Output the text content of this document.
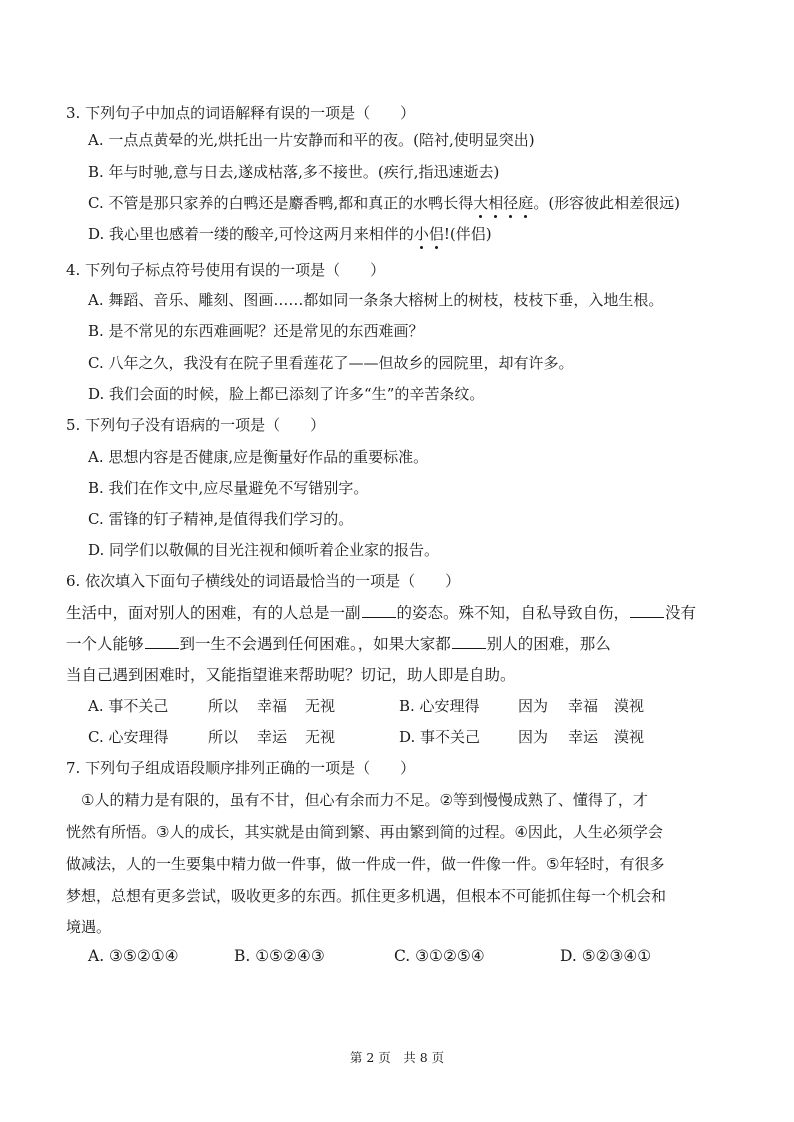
3. 下列句子中加点的词语解释有误的一项是（　　）
A. 一点点黄晕的光,烘托出一片安静而和平的夜。(陪衬,使明显突出)
B. 年与时驰,意与日去,遂成枯落,多不接世。(疾行,指迅速逝去)
C. 不管是那只家养的白鸭还是麝香鸭,都和真正的水鸭长得大相径庭。(形容彼此相差很远)
D. 我心里也感着一缕的酸辛,可怜这两月来相伴的小侣!(伴侣)
4. 下列句子标点符号使用有误的一项是（　　）
A. 舞蹈、音乐、雕刻、图画……都如同一条条大榕树上的树枝，枝枝下垂，入地生根。
B. 是不常见的东西难画呢？还是常见的东西难画？
C. 八年之久，我没有在院子里看莲花了——但故乡的园院里，却有许多。
D. 我们会面的时候，脸上都已添刻了许多“生”的辛苦条纹。
5. 下列句子没有语病的一项是（　　）
A. 思想内容是否健康,应是衡量好作品的重要标准。
B. 我们在作文中,应尽量避免不写错别字。
C. 雷锋的钉子精神,是值得我们学习的。
D. 同学们以敬佩的目光注视和倾听着企业家的报告。
6. 依次填入下面句子横线处的词语最恰当的一项是（　　）
生活中，面对别人的困难，有的人总是一副 的姿态。殊不知，自私导致自伤， 没有
一个人能够 到一生不会遇到任何困难。，如果大家都 别人的困难，那么
当自己遇到困难时，又能指望谁来帮助呢？切记，助人即是自助。
A. 事不关己	所以 幸福 无视	B. 心安理得	因为 幸福 漠视
C. 心安理得	所以 幸运 无视	D. 事不关己	因为 幸运 漠视
7. 下列句子组成语段顺序排列正确的一项是（　　）
　①人的精力是有限的，虽有不甘，但心有余而力不足。②等到慢慢成熟了、懂得了，才
恍然有所悟。③人的成长，其实就是由简到繁、再由繁到简的过程。④因此，人生必须学会
做减法，人的一生要集中精力做一件事，做一件成一件，做一件像一件。⑤年轻时，有很多
梦想，总想有更多尝试，吸收更多的东西。抓住更多机遇，但根本不可能抓住每一个机会和
境遇。
A. ③⑤②①④	B. ①⑤②④③	C. ③①②⑤④	D. ⑤②③④①
第 2 页　共 8 页
